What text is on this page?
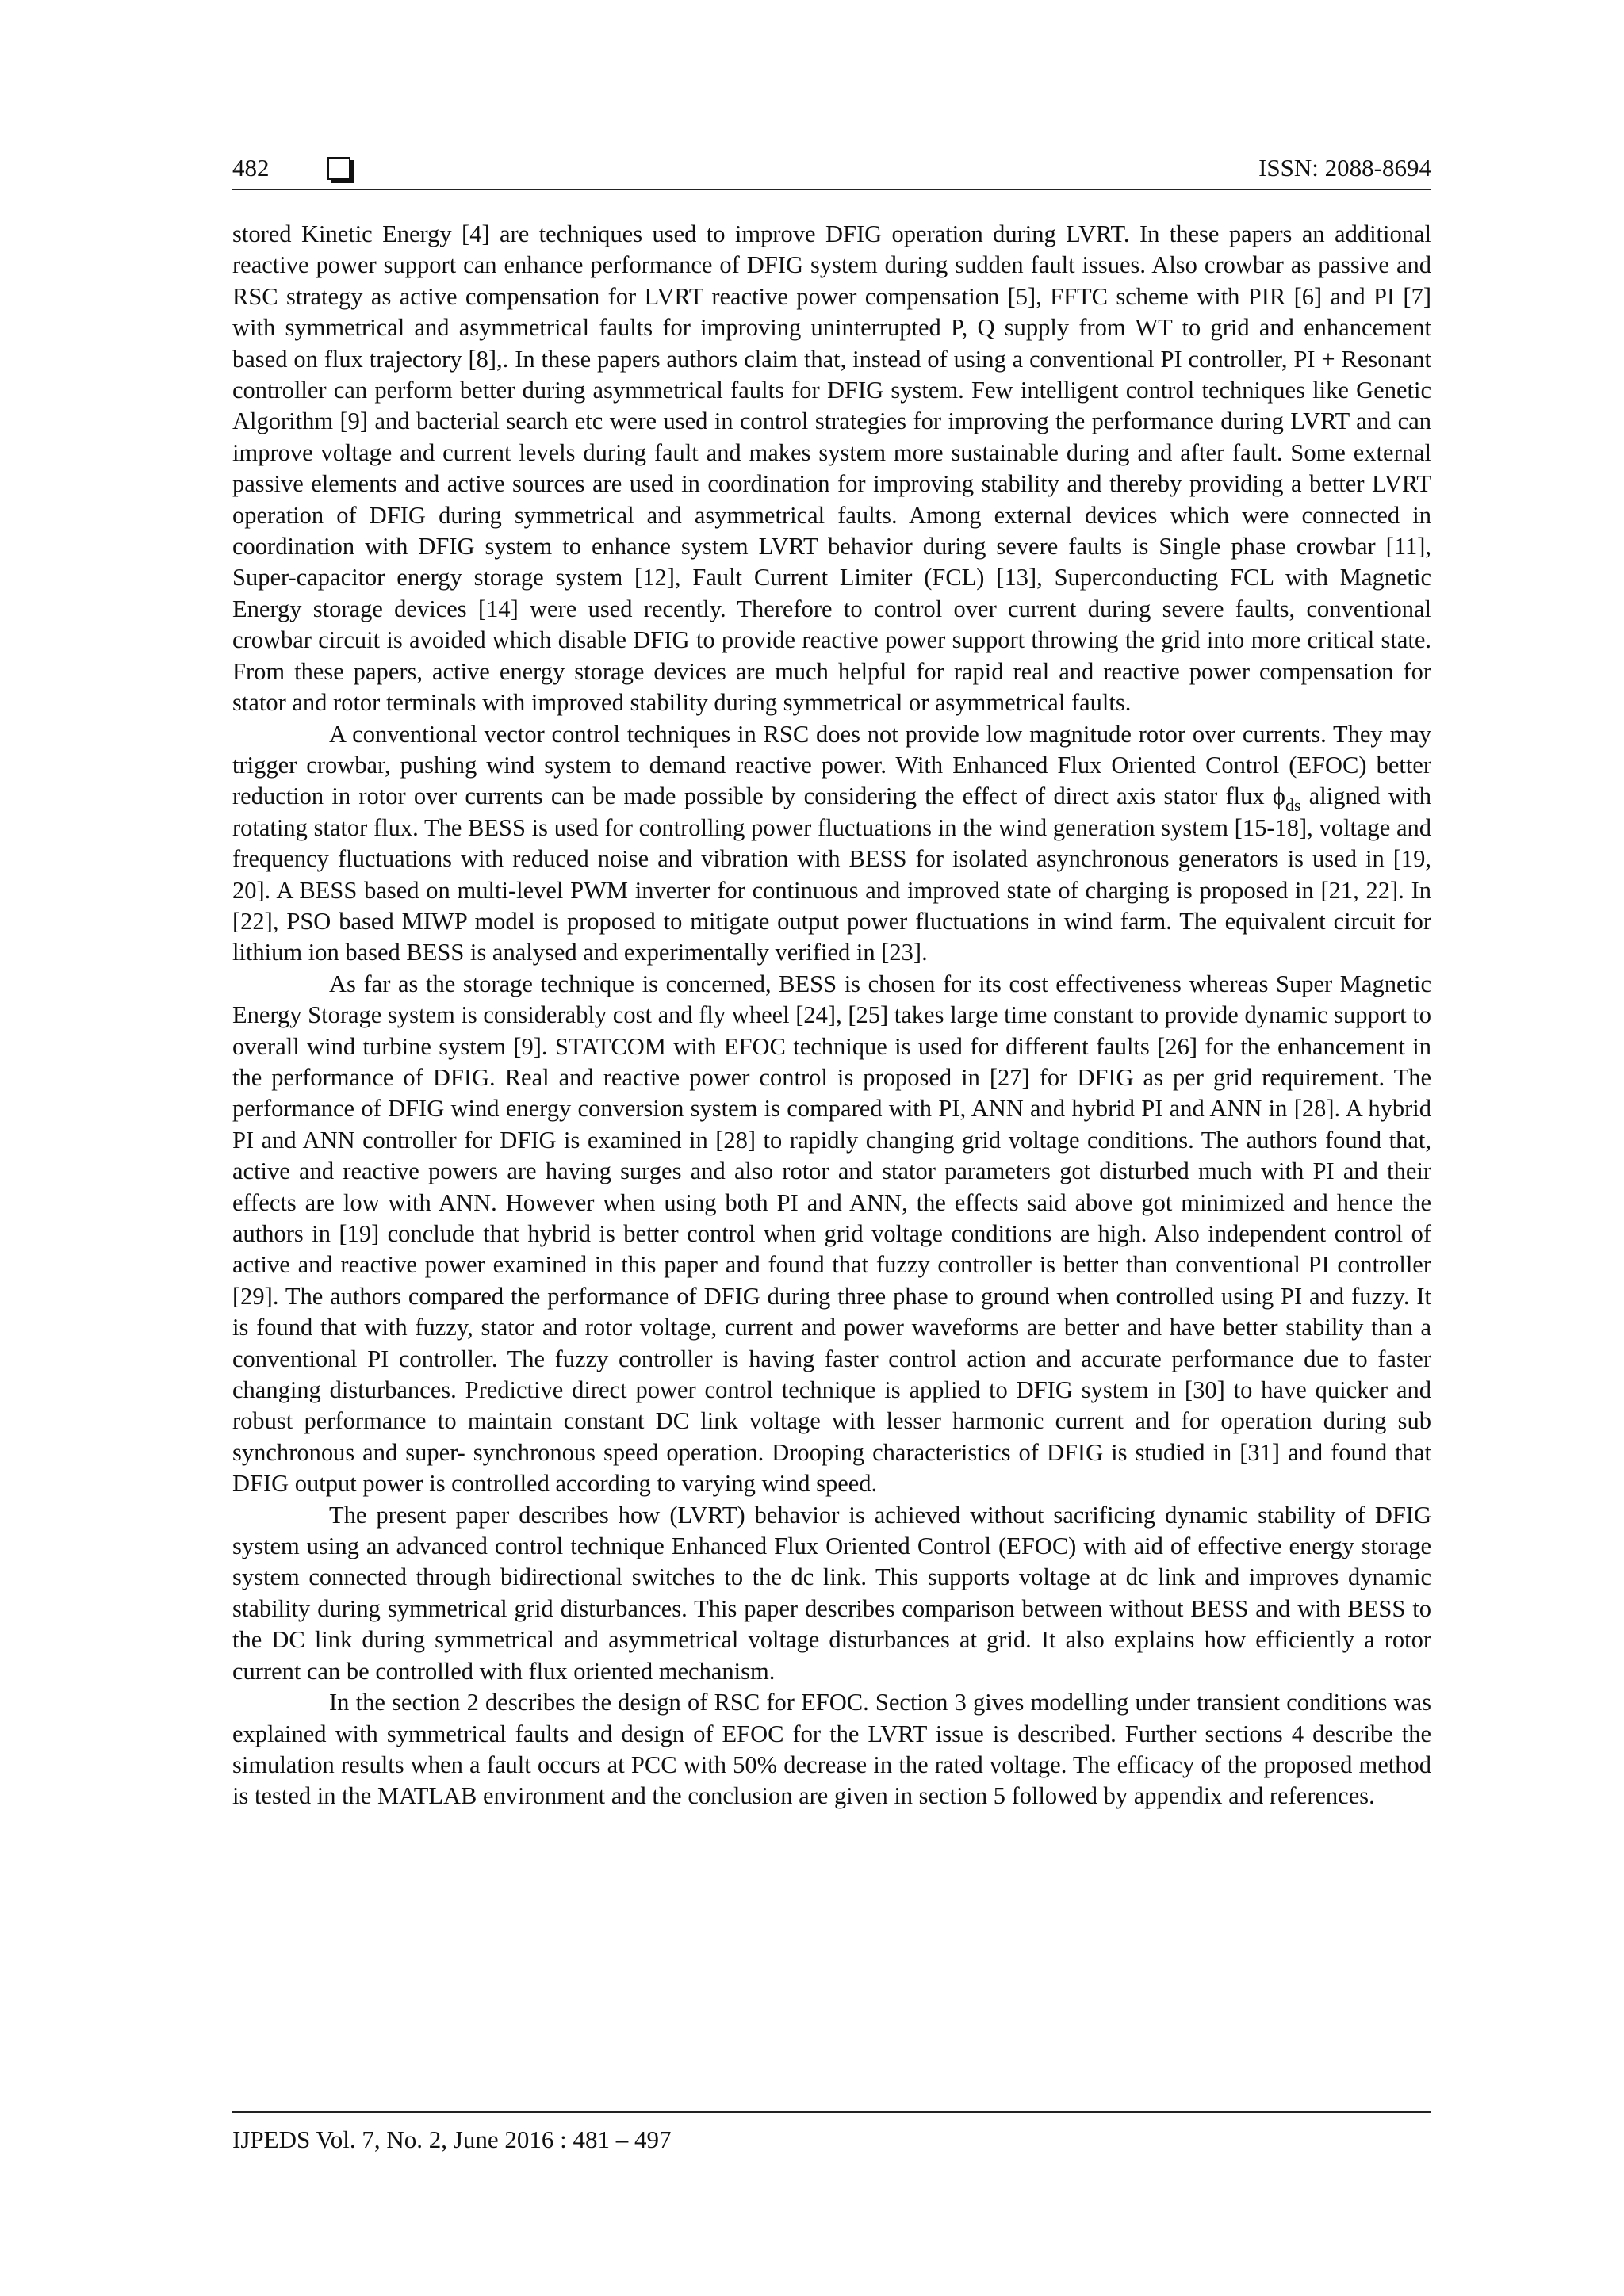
482	ISSN: 2088-8694

stored Kinetic Energy [4] are techniques used to improve DFIG operation during LVRT. In these papers an additional reactive power support can enhance performance of DFIG system during sudden fault issues. Also crowbar as passive and RSC strategy as active compensation for LVRT reactive power compensation [5], FFTC scheme with PIR [6] and PI [7] with symmetrical and asymmetrical faults for improving uninterrupted P, Q supply from WT to grid and enhancement based on flux trajectory [8],. In these papers authors claim that, instead of using a conventional PI controller, PI + Resonant controller can perform better during asymmetrical faults for DFIG system. Few intelligent control techniques like Genetic Algorithm [9] and bacterial search etc were used in control strategies for improving the performance during LVRT and can improve voltage and current levels during fault and makes system more sustainable during and after fault. Some external passive elements and active sources are used in coordination for improving stability and thereby providing a better LVRT operation of DFIG during symmetrical and asymmetrical faults. Among external devices which were connected in coordination with DFIG system to enhance system LVRT behavior during severe faults is Single phase crowbar [11], Super-capacitor energy storage system [12], Fault Current Limiter (FCL) [13], Superconducting FCL with Magnetic Energy storage devices [14] were used recently. Therefore to control over current during severe faults, conventional crowbar circuit is avoided which disable DFIG to provide reactive power support throwing the grid into more critical state. From these papers, active energy storage devices are much helpful for rapid real and reactive power compensation for stator and rotor terminals with improved stability during symmetrical or asymmetrical faults.

A conventional vector control techniques in RSC does not provide low magnitude rotor over currents. They may trigger crowbar, pushing wind system to demand reactive power. With Enhanced Flux Oriented Control (EFOC) better reduction in rotor over currents can be made possible by considering the effect of direct axis stator flux $\phi_{ds}$ aligned with rotating stator flux. The BESS is used for controlling power fluctuations in the wind generation system [15-18], voltage and frequency fluctuations with reduced noise and vibration with BESS for isolated asynchronous generators is used in [19, 20]. A BESS based on multi-level PWM inverter for continuous and improved state of charging is proposed in [21, 22]. In [22], PSO based MIWP model is proposed to mitigate output power fluctuations in wind farm. The equivalent circuit for lithium ion based BESS is analysed and experimentally verified in [23].

As far as the storage technique is concerned, BESS is chosen for its cost effectiveness whereas Super Magnetic Energy Storage system is considerably cost and fly wheel [24], [25] takes large time constant to provide dynamic support to overall wind turbine system [9]. STATCOM with EFOC technique is used for different faults [26] for the enhancement in the performance of DFIG. Real and reactive power control is proposed in [27] for DFIG as per grid requirement. The performance of DFIG wind energy conversion system is compared with PI, ANN and hybrid PI and ANN in [28]. A hybrid PI and ANN controller for DFIG is examined in [28] to rapidly changing grid voltage conditions. The authors found that, active and reactive powers are having surges and also rotor and stator parameters got disturbed much with PI and their effects are low with ANN. However when using both PI and ANN, the effects said above got minimized and hence the authors in [19] conclude that hybrid is better control when grid voltage conditions are high. Also independent control of active and reactive power examined in this paper and found that fuzzy controller is better than conventional PI controller [29]. The authors compared the performance of DFIG during three phase to ground when controlled using PI and fuzzy. It is found that with fuzzy, stator and rotor voltage, current and power waveforms are better and have better stability than a conventional PI controller. The fuzzy controller is having faster control action and accurate performance due to faster changing disturbances. Predictive direct power control technique is applied to DFIG system in [30] to have quicker and robust performance to maintain constant DC link voltage with lesser harmonic current and for operation during sub synchronous and super- synchronous speed operation. Drooping characteristics of DFIG is studied in [31] and found that DFIG output power is controlled according to varying wind speed.

The present paper describes how (LVRT) behavior is achieved without sacrificing dynamic stability of DFIG system using an advanced control technique Enhanced Flux Oriented Control (EFOC) with aid of effective energy storage system connected through bidirectional switches to the dc link. This supports voltage at dc link and improves dynamic stability during symmetrical grid disturbances. This paper describes comparison between without BESS and with BESS to the DC link during symmetrical and asymmetrical voltage disturbances at grid. It also explains how efficiently a rotor current can be controlled with flux oriented mechanism.

In the section 2 describes the design of RSC for EFOC. Section 3 gives modelling under transient conditions was explained with symmetrical faults and design of EFOC for the LVRT issue is described. Further sections 4 describe the simulation results when a fault occurs at PCC with 50% decrease in the rated voltage. The efficacy of the proposed method is tested in the MATLAB environment and the conclusion are given in section 5 followed by appendix and references.

IJPEDS Vol. 7, No. 2, June 2016 : 481 – 497
